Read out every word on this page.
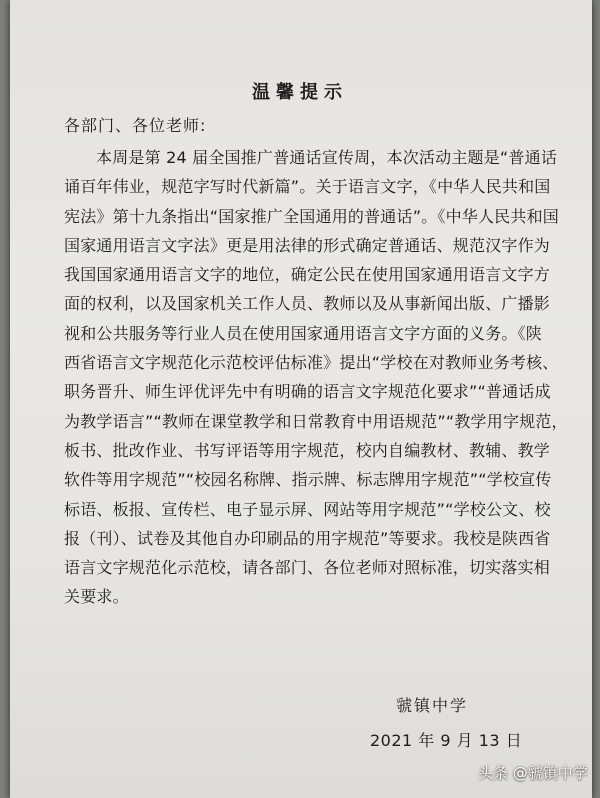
温馨提示
各部门、各位老师:
本周是第 24 届全国推广普通话宣传周，本次活动主题是“普通话
诵百年伟业，规范字写时代新篇”。关于语言文字，《中华人民共和国
宪法》第十九条指出“国家推广全国通用的普通话”。《中华人民共和国
国家通用语言文字法》更是用法律的形式确定普通话、规范汉字作为
我国国家通用语言文字的地位，确定公民在使用国家通用语言文字方
面的权利，以及国家机关工作人员、教师以及从事新闻出版、广播影
视和公共服务等行业人员在使用国家通用语言文字方面的义务。《陕
西省语言文字规范化示范校评估标准》提出“学校在对教师业务考核、
职务晋升、师生评优评先中有明确的语言文字规范化要求”“普通话成
为教学语言”“教师在课堂教学和日常教育中用语规范”“教学用字规范，
板书、批改作业、书写评语等用字规范，校内自编教材、教辅、教学
软件等用字规范”“校园名称牌、指示牌、标志牌用字规范”“学校宣传
标语、板报、宣传栏、电子显示屏、网站等用字规范”“学校公文、校
报（刊）、试卷及其他自办印刷品的用字规范”等要求。我校是陕西省
语言文字规范化示范校，请各部门、各位老师对照标准，切实落实相
关要求。
虢镇中学
2021 年 9 月 13 日
头条 @虢镇中学
